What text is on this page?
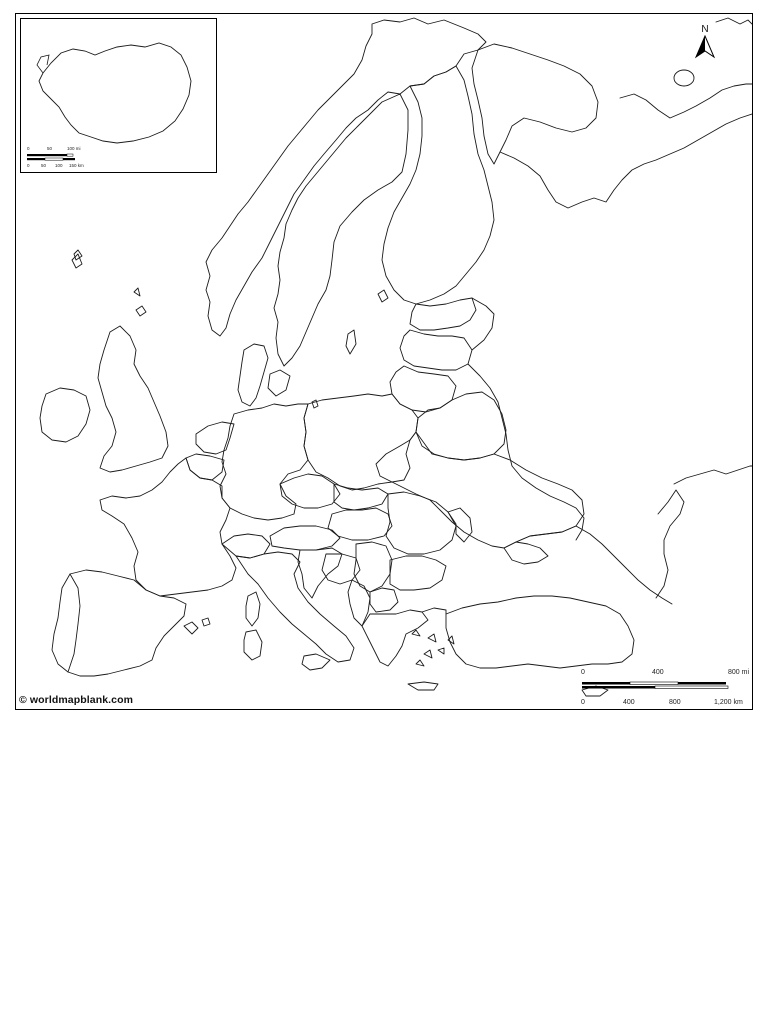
0	50	100 mi
0	50 100 150 km
N
0	400	800 mi
0	400	800	1,200 km
© worldmapblank.com
